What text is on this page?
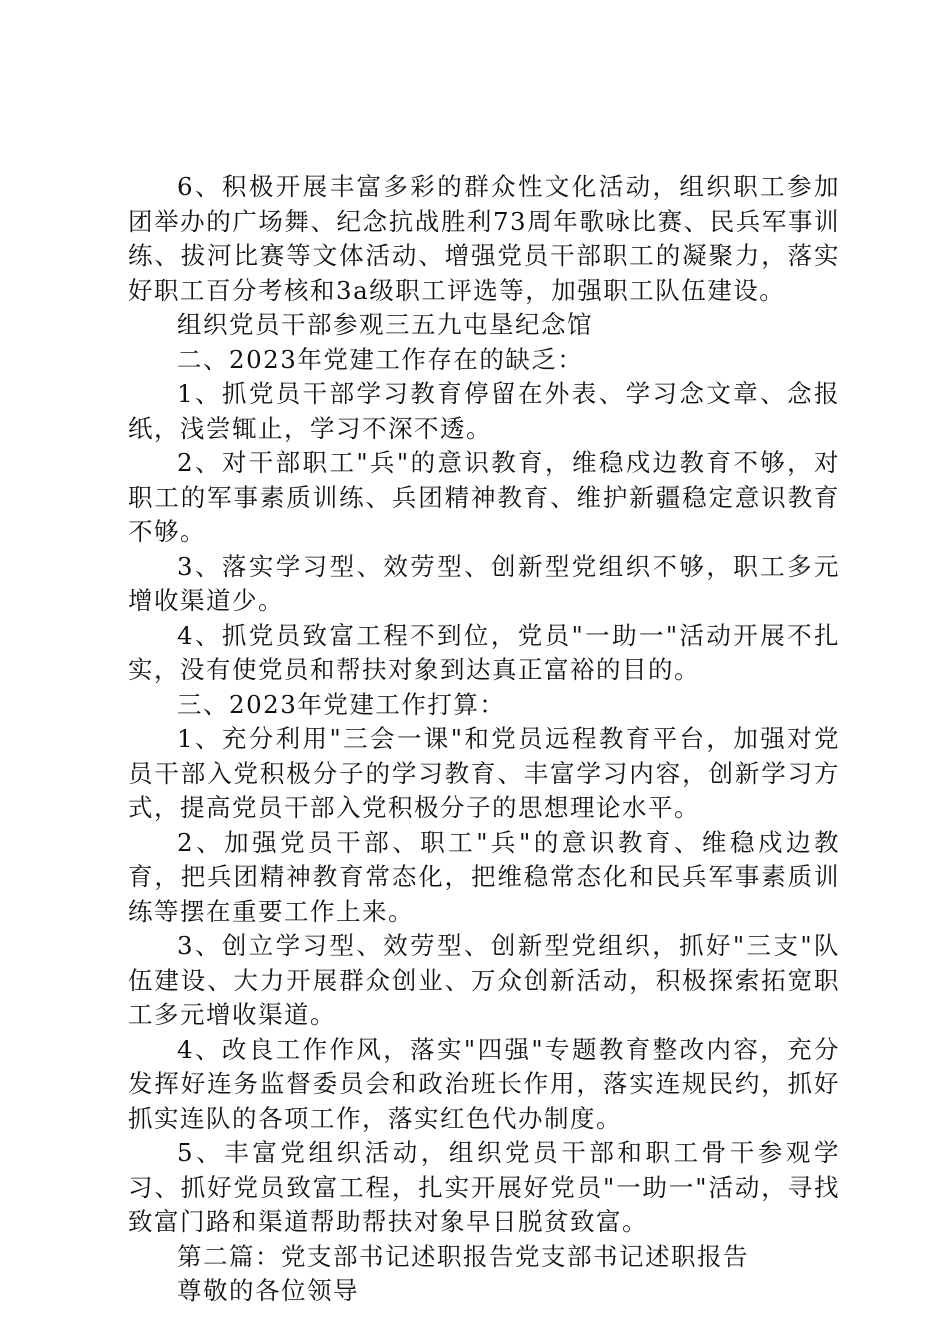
6、积极开展丰富多彩的群众性文化活动，组织职工参加团举办的广场舞、纪念抗战胜利73周年歌咏比赛、民兵军事训练、拔河比赛等文体活动、增强党员干部职工的凝聚力，落实好职工百分考核和3a级职工评选等，加强职工队伍建设。

组织党员干部参观三五九屯垦纪念馆

二、2023年党建工作存在的缺乏：

1、抓党员干部学习教育停留在外表、学习念文章、念报纸，浅尝辄止，学习不深不透。

2、对干部职工"兵"的意识教育，维稳戍边教育不够，对职工的军事素质训练、兵团精神教育、维护新疆稳定意识教育不够。

3、落实学习型、效劳型、创新型党组织不够，职工多元增收渠道少。

4、抓党员致富工程不到位，党员"一助一"活动开展不扎实，没有使党员和帮扶对象到达真正富裕的目的。

三、2023年党建工作打算：

1、充分利用"三会一课"和党员远程教育平台，加强对党员干部入党积极分子的学习教育、丰富学习内容，创新学习方式，提高党员干部入党积极分子的思想理论水平。

2、加强党员干部、职工"兵"的意识教育、维稳戍边教育，把兵团精神教育常态化，把维稳常态化和民兵军事素质训练等摆在重要工作上来。

3、创立学习型、效劳型、创新型党组织，抓好"三支"队伍建设、大力开展群众创业、万众创新活动，积极探索拓宽职工多元增收渠道。

4、改良工作作风，落实"四强"专题教育整改内容，充分发挥好连务监督委员会和政治班长作用，落实连规民约，抓好抓实连队的各项工作，落实红色代办制度。

5、丰富党组织活动，组织党员干部和职工骨干参观学习、抓好党员致富工程，扎实开展好党员"一助一"活动，寻找致富门路和渠道帮助帮扶对象早日脱贫致富。

第二篇：党支部书记述职报告党支部书记述职报告

尊敬的各位领导
